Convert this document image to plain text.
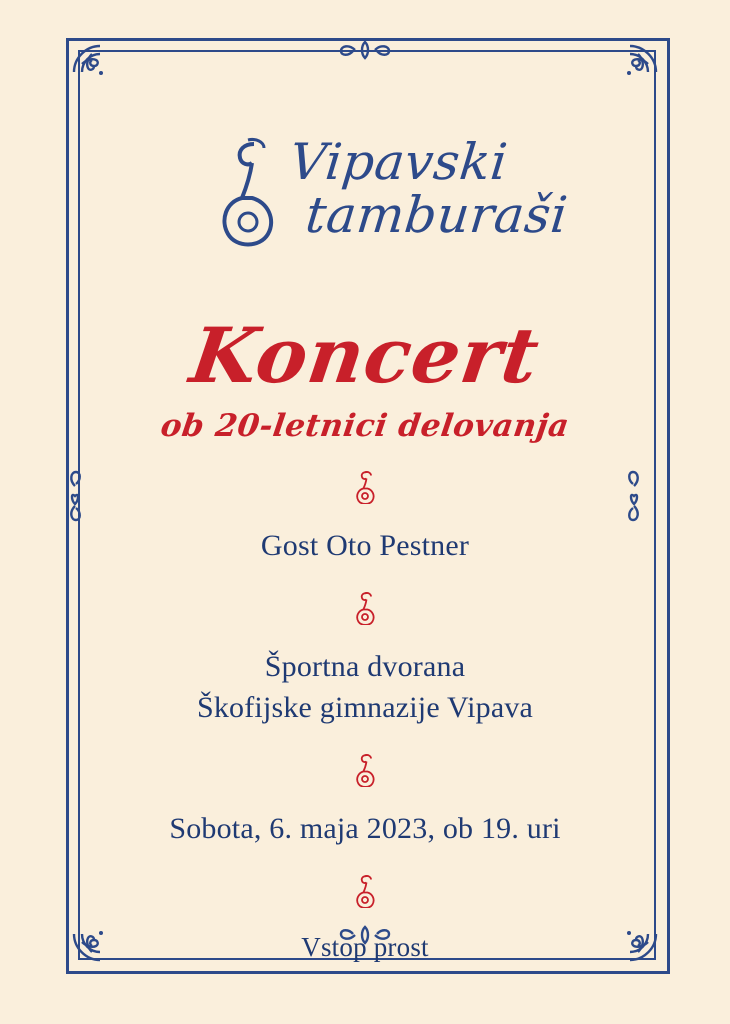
Vipavski
tamburaši
Koncert
ob 20-letnici delovanja
Gost Oto Pestner
Športna dvorana
Škofijske gimnazije Vipava
Sobota, 6. maja 2023, ob 19. uri
Vstop prost
